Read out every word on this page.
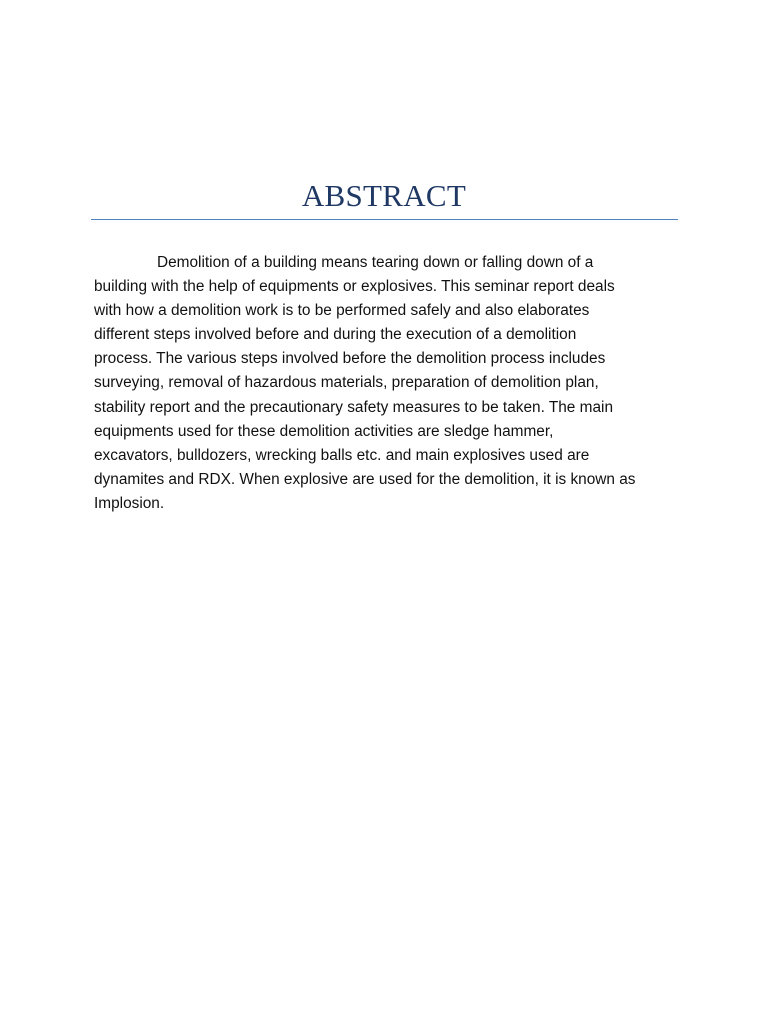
ABSTRACT

Demolition of a building means tearing down or falling down of a
building with the help of equipments or explosives. This seminar report deals
with how a demolition work is to be performed safely and also elaborates
different steps involved before and during the execution of a demolition
process. The various steps involved before the demolition process includes
surveying, removal of hazardous materials, preparation of demolition plan,
stability report and the precautionary safety measures to be taken. The main
equipments used for these demolition activities are sledge hammer,
excavators, bulldozers, wrecking balls etc. and main explosives used are
dynamites and RDX. When explosive are used for the demolition, it is known as
Implosion.
